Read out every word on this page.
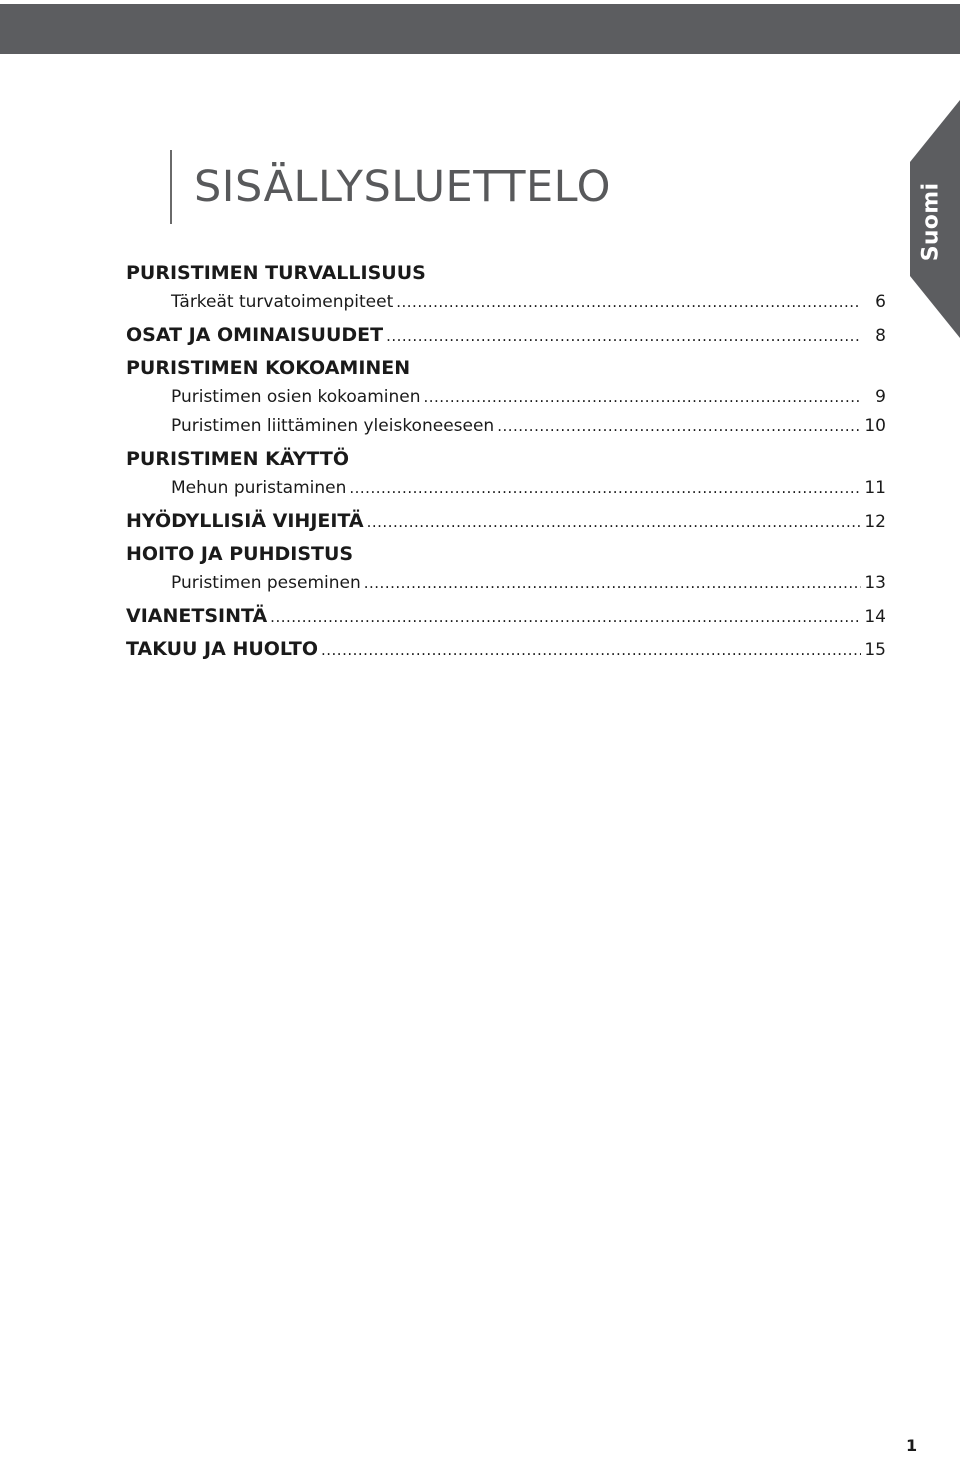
Suomi
SISÄLLYSLUETTELO
PURISTIMEN TURVALLISUUS
Tärkeät turvatoimenpiteet .....	6
OSAT JA OMINAISUUDET .....	8
PURISTIMEN KOKOAMINEN
Puristimen osien kokoaminen .....	9
Puristimen liittäminen yleiskoneeseen .....	10
PURISTIMEN KÄYTTÖ
Mehun puristaminen .....	11
HYÖDYLLISIÄ VIHJEITÄ .....	12
HOITO JA PUHDISTUS
Puristimen peseminen .....	13
VIANETSINTÄ .....	14
TAKUU JA HUOLTO .....	15
1
